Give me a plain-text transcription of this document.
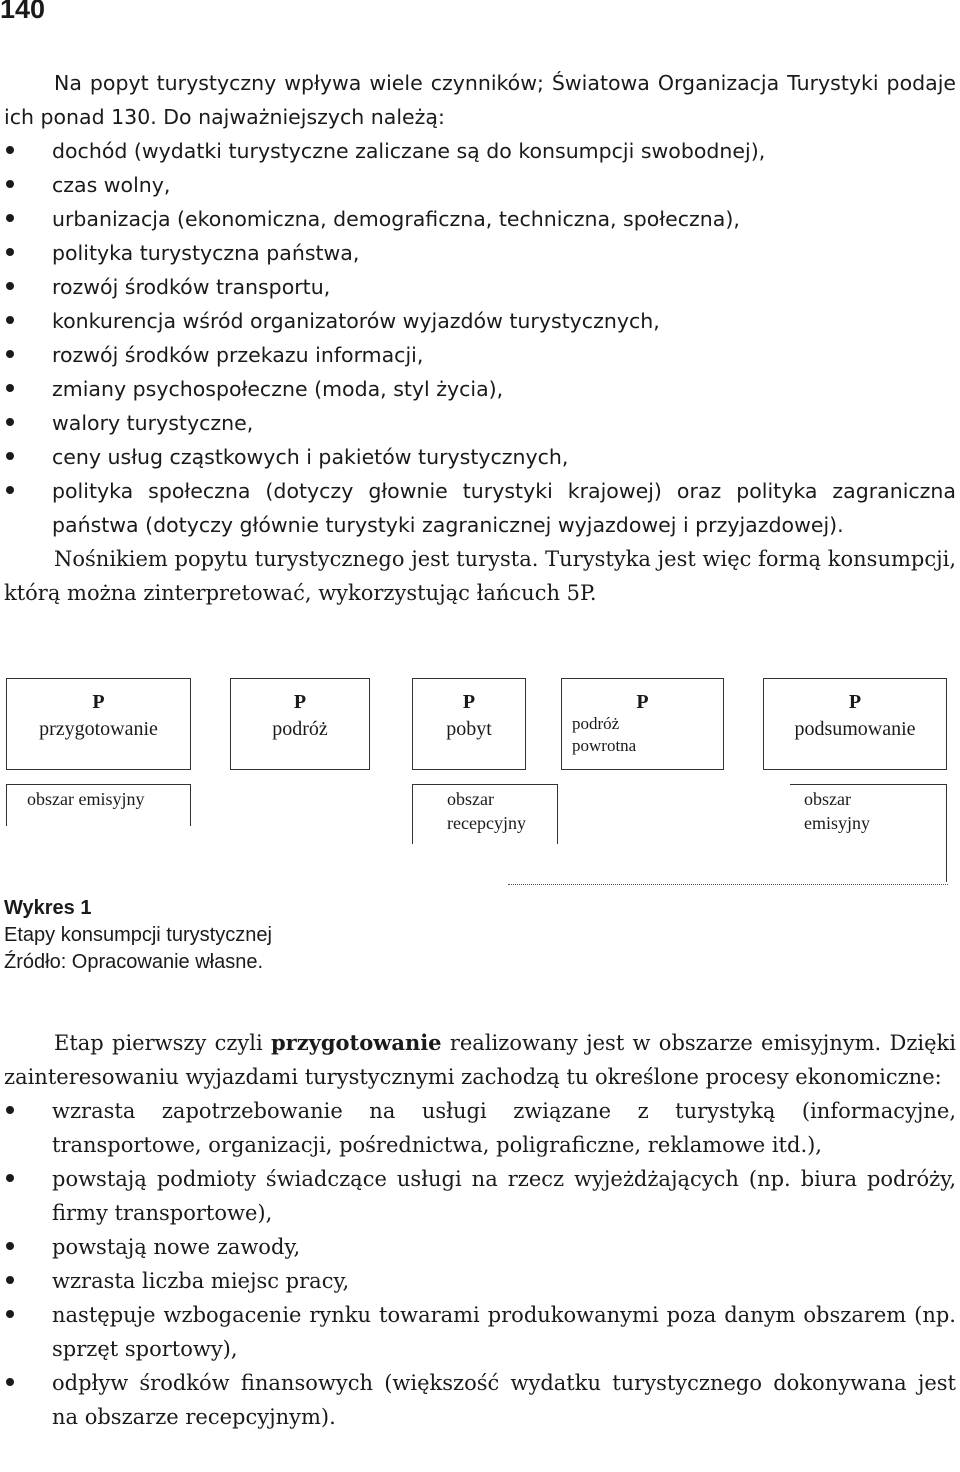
140
Na popyt turystyczny wpływa wiele czynników; Światowa Organizacja Turystyki podaje ich ponad 130. Do najważniejszych należą:
dochód (wydatki turystyczne zaliczane są do konsumpcji swobodnej),
czas wolny,
urbanizacja (ekonomiczna, demograficzna, techniczna, społeczna),
polityka turystyczna państwa,
rozwój środków transportu,
konkurencja wśród organizatorów wyjazdów turystycznych,
rozwój środków przekazu informacji,
zmiany psychospołeczne (moda, styl życia),
walory turystyczne,
ceny usług cząstkowych i pakietów turystycznych,
polityka społeczna (dotyczy głownie turystyki krajowej) oraz polityka zagraniczna państwa (dotyczy głównie turystyki zagranicznej wyjazdowej i przyjazdowej).
Nośnikiem popytu turystycznego jest turysta. Turystyka jest więc formą konsumpcji, którą można zinterpretować, wykorzystując łańcuch 5P.
P
przygotowanie
P
podróż
P
pobyt
P
podróż
powrotna
P
podsumowanie
obszar emisyjny	obszar
recepcyjny
obszar
emisyjny
Wykres 1
Etapy konsumpcji turystycznej
Źródło: Opracowanie własne.
Etap pierwszy czyli przygotowanie realizowany jest w obszarze emisyjnym. Dzięki zainteresowaniu wyjazdami turystycznymi zachodzą tu określone procesy ekonomiczne:
wzrasta zapotrzebowanie na usługi związane z turystyką (informacyjne, transportowe, organizacji, pośrednictwa, poligraficzne, reklamowe itd.),
powstają podmioty świadczące usługi na rzecz wyjeżdżających (np. biura podróży, firmy transportowe),
powstają nowe zawody,
wzrasta liczba miejsc pracy,
następuje wzbogacenie rynku towarami produkowanymi poza danym obszarem (np. sprzęt sportowy),
odpływ środków finansowych (większość wydatku turystycznego dokonywana jest na obszarze recepcyjnym).
